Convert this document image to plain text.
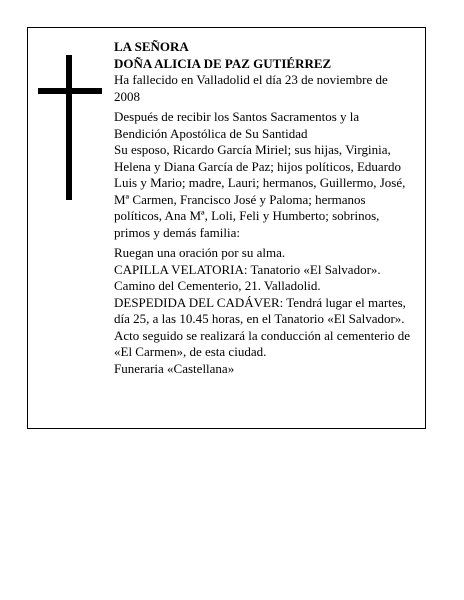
LA SEÑORA

DOÑA ALICIA DE PAZ GUTIÉRREZ

Ha fallecido en Valladolid el día 23 de noviembre de 2008

Después de recibir los Santos Sacramentos y la Bendición Apostólica de Su Santidad

Su esposo, Ricardo García Miriel; sus hijas, Virginia, Helena y Diana García de Paz; hijos políticos, Eduardo Luis y Mario; madre, Lauri; hermanos, Guillermo, José, Mª Carmen, Francisco José y Paloma; hermanos políticos, Ana Mª, Loli, Feli y Humberto; sobrinos, primos y demás familia:

Ruegan una oración por su alma.

CAPILLA VELATORIA: Tanatorio «El Salvador». Camino del Cementerio, 21. Valladolid.

DESPEDIDA DEL CADÁVER: Tendrá lugar el martes, día 25, a las 10.45 horas, en el Tanatorio «El Salvador». Acto seguido se realizará la conducción al cementerio de «El Carmen», de esta ciudad.

Funeraria «Castellana»
